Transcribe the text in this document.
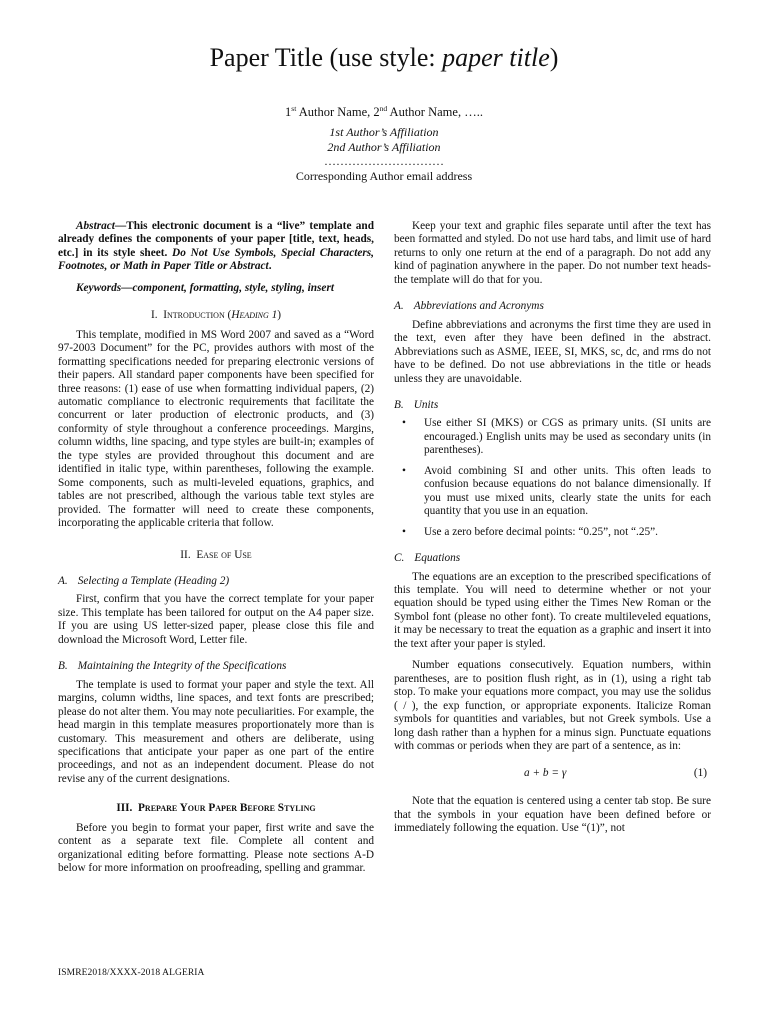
Paper Title (use style: paper title)
1st Author Name, 2nd Author Name, …..
1st Author’s Affiliation
2nd Author’s Affiliation
…………………………
Corresponding Author email address

Abstract—This electronic document is a “live” template and already defines the components of your paper [title, text, heads, etc.] in its style sheet. Do Not Use Symbols, Special Characters, Footnotes, or Math in Paper Title or Abstract.

Keywords—component, formatting, style, styling, insert

I. Introduction (Heading 1)

This template, modified in MS Word 2007 and saved as a “Word 97-2003 Document” for the PC, provides authors with most of the formatting specifications needed for preparing electronic versions of their papers. All standard paper components have been specified for three reasons: (1) ease of use when formatting individual papers, (2) automatic compliance to electronic requirements that facilitate the concurrent or later production of electronic products, and (3) conformity of style throughout a conference proceedings. Margins, column widths, line spacing, and type styles are built-in; examples of the type styles are provided throughout this document and are identified in italic type, within parentheses, following the example. Some components, such as multi-leveled equations, graphics, and tables are not prescribed, although the various table text styles are provided. The formatter will need to create these components, incorporating the applicable criteria that follow.

II. Ease of Use
A. Selecting a Template (Heading 2)

First, confirm that you have the correct template for your paper size. This template has been tailored for output on the A4 paper size. If you are using US letter-sized paper, please close this file and download the Microsoft Word, Letter file.

B. Maintaining the Integrity of the Specifications

The template is used to format your paper and style the text. All margins, column widths, line spaces, and text fonts are prescribed; please do not alter them. You may note peculiarities. For example, the head margin in this template measures proportionately more than is customary. This measurement and others are deliberate, using specifications that anticipate your paper as one part of the entire proceedings, and not as an independent document. Please do not revise any of the current designations.

III. Prepare Your Paper Before Styling

Before you begin to format your paper, first write and save the content as a separate text file. Complete all content and organizational editing before formatting. Please note sections A-D below for more information on proofreading, spelling and grammar.

Keep your text and graphic files separate until after the text has been formatted and styled. Do not use hard tabs, and limit use of hard returns to only one return at the end of a paragraph. Do not add any kind of pagination anywhere in the paper. Do not number text heads-the template will do that for you.

A. Abbreviations and Acronyms

Define abbreviations and acronyms the first time they are used in the text, even after they have been defined in the abstract. Abbreviations such as ASME, IEEE, SI, MKS, sc, dc, and rms do not have to be defined. Do not use abbreviations in the title or heads unless they are unavoidable.

B. Units
• Use either SI (MKS) or CGS as primary units. (SI units are encouraged.) English units may be used as secondary units (in parentheses).
• Avoid combining SI and other units. This often leads to confusion because equations do not balance dimensionally. If you must use mixed units, clearly state the units for each quantity that you use in an equation.
• Use a zero before decimal points: “0.25”, not “.25”.
C. Equations

The equations are an exception to the prescribed specifications of this template. You will need to determine whether or not your equation should be typed using either the Times New Roman or the Symbol font (please no other font). To create multileveled equations, it may be necessary to treat the equation as a graphic and insert it into the text after your paper is styled.

Number equations consecutively. Equation numbers, within parentheses, are to position flush right, as in (1), using a right tab stop. To make your equations more compact, you may use the solidus ( / ), the exp function, or appropriate exponents. Italicize Roman symbols for quantities and variables, but not Greek symbols. Use a long dash rather than a hyphen for a minus sign. Punctuate equations with commas or periods when they are part of a sentence, as in:

a + b = γ	(1)

Note that the equation is centered using a center tab stop. Be sure that the symbols in your equation have been defined before or immediately following the equation. Use “(1)”, not

ISMRE2018/XXXX-2018 ALGERIA
